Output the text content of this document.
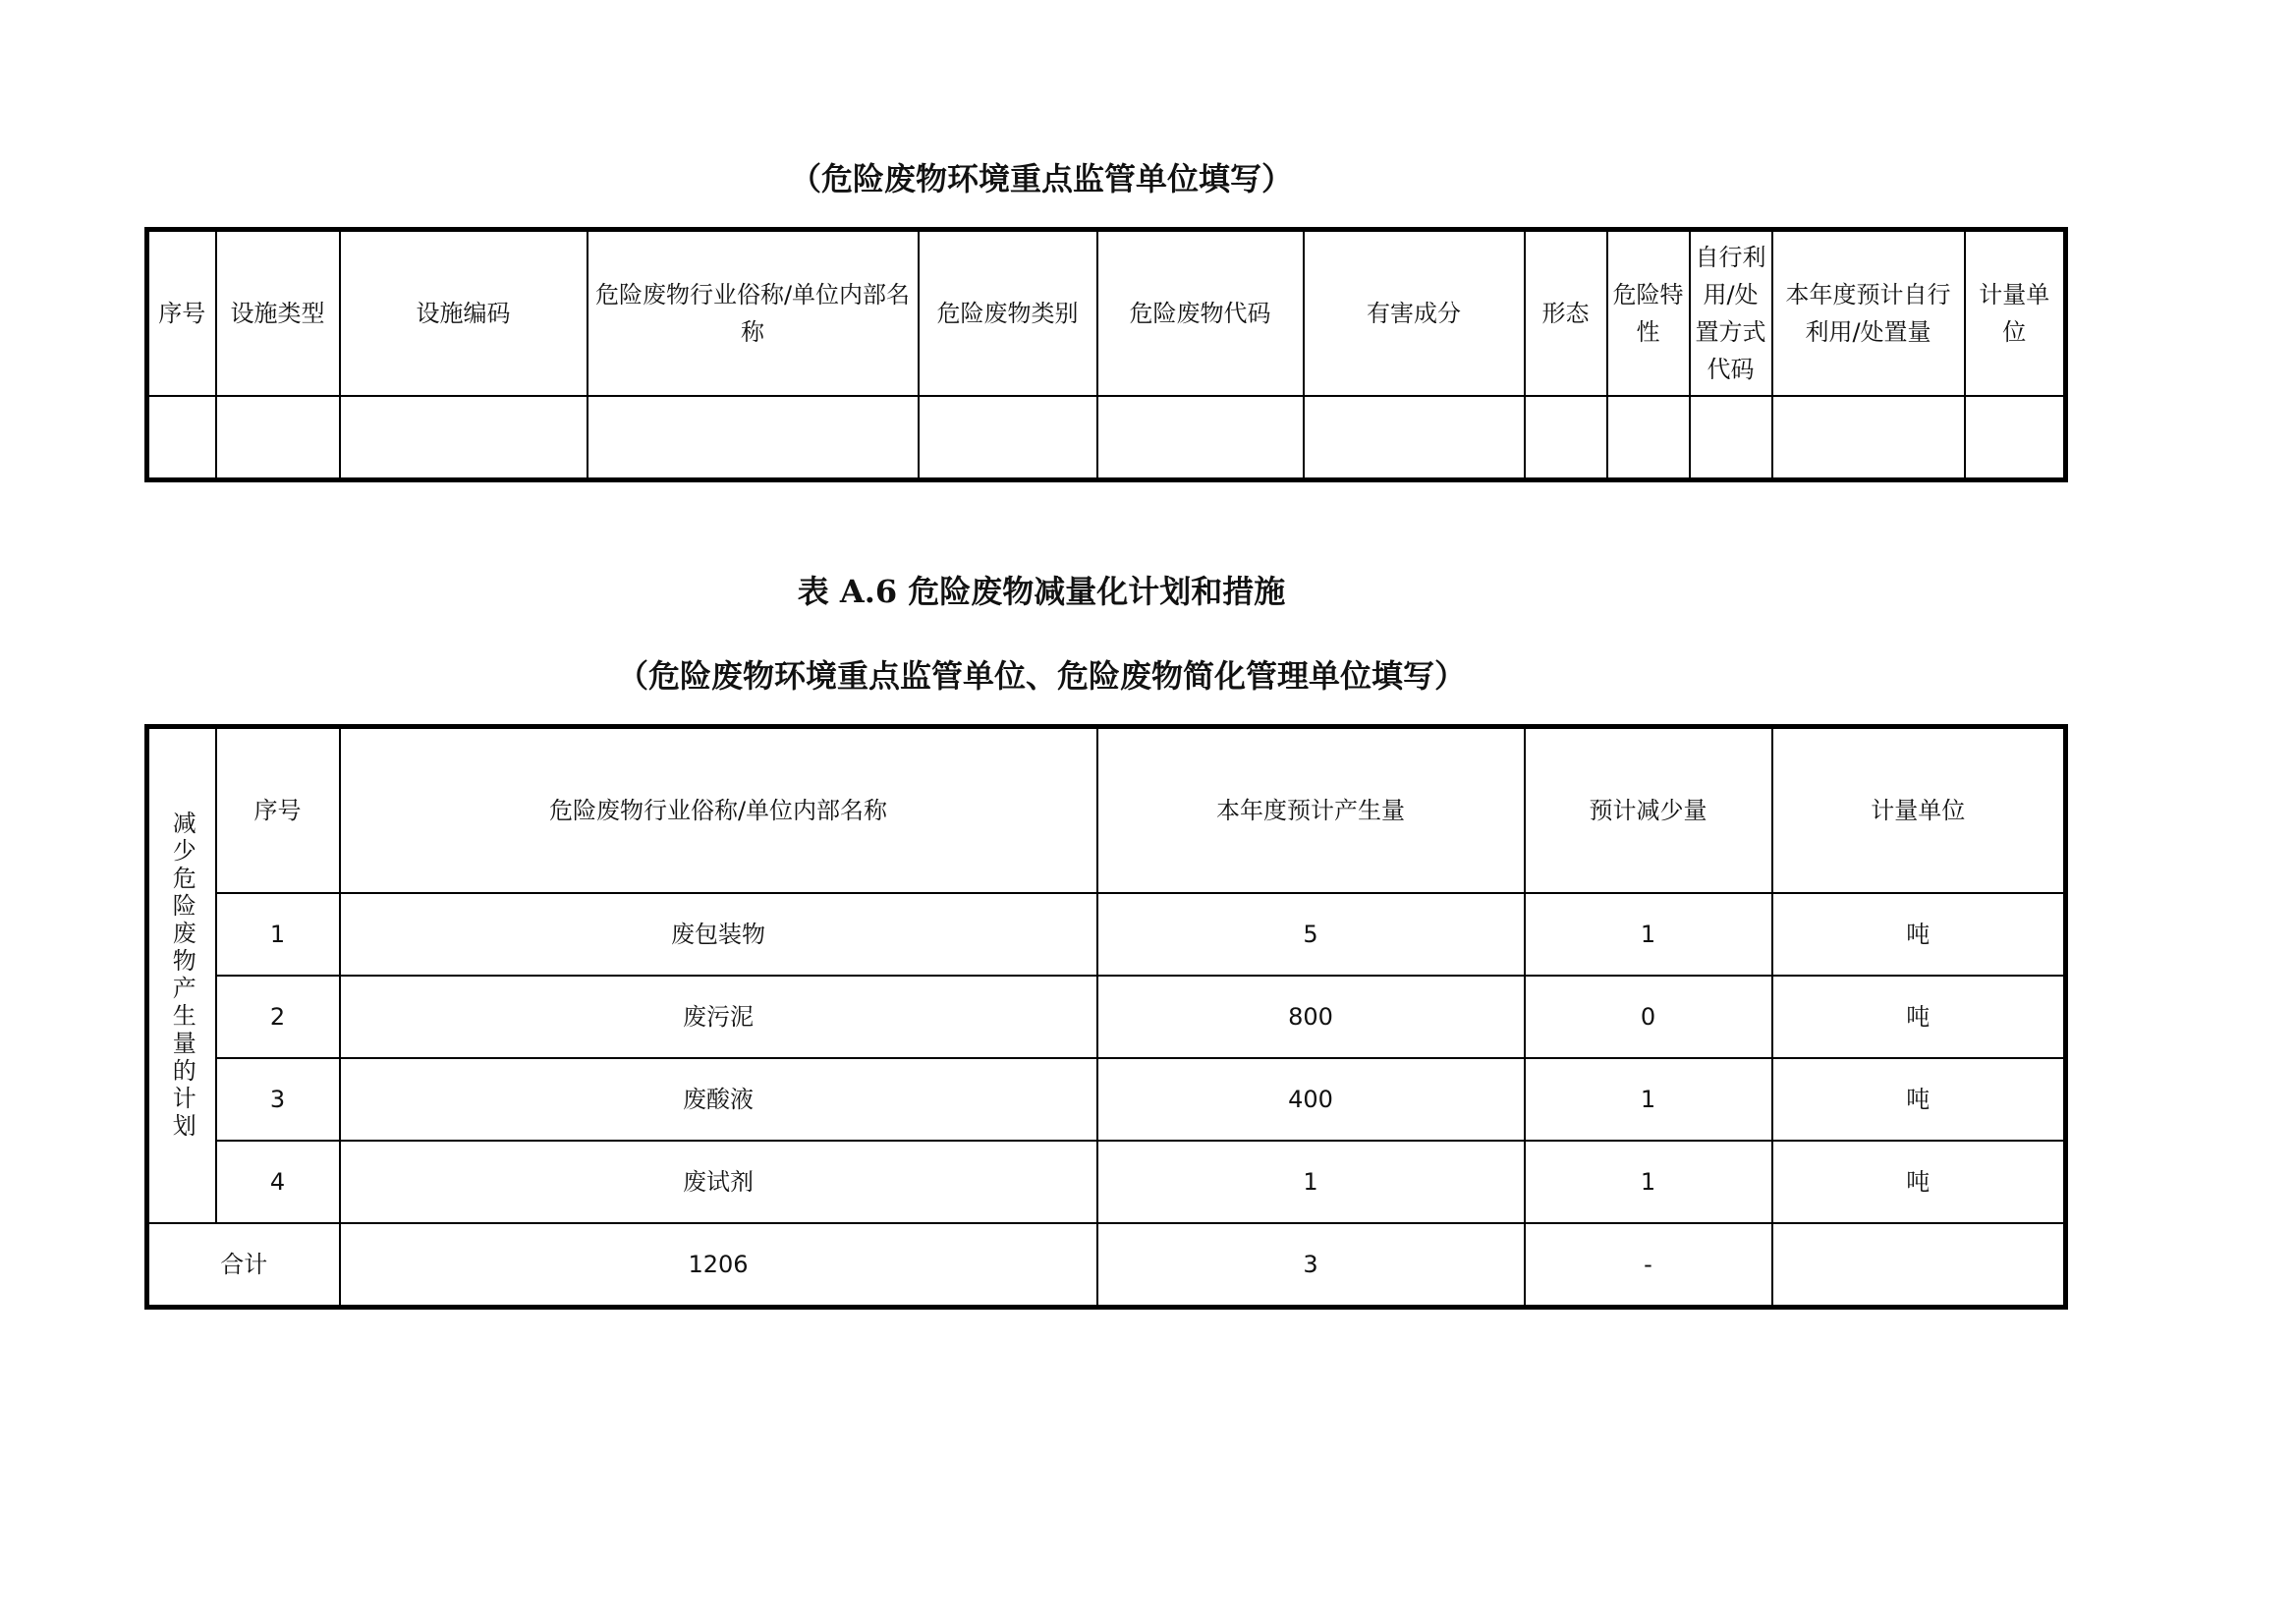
（危险废物环境重点监管单位填写）
序号	设施类型	设施编码	危险废物行业俗称/单位内部名称	危险废物类别	危险废物代码	有害成分	形态	危险特性	自行利用/处置方式代码	本年度预计自行利用/处置量	计量单位

表 A.6 危险废物减量化计划和措施
（危险废物环境重点监管单位、危险废物简化管理单位填写）
减少危险废物产生量的计划	序号	危险废物行业俗称/单位内部名称	本年度预计产生量	预计减少量	计量单位
	1	废包装物	5	1	吨
	2	废污泥	800	0	吨
	3	废酸液	400	1	吨
	4	废试剂	1	1	吨
合计		1206	3	-	
